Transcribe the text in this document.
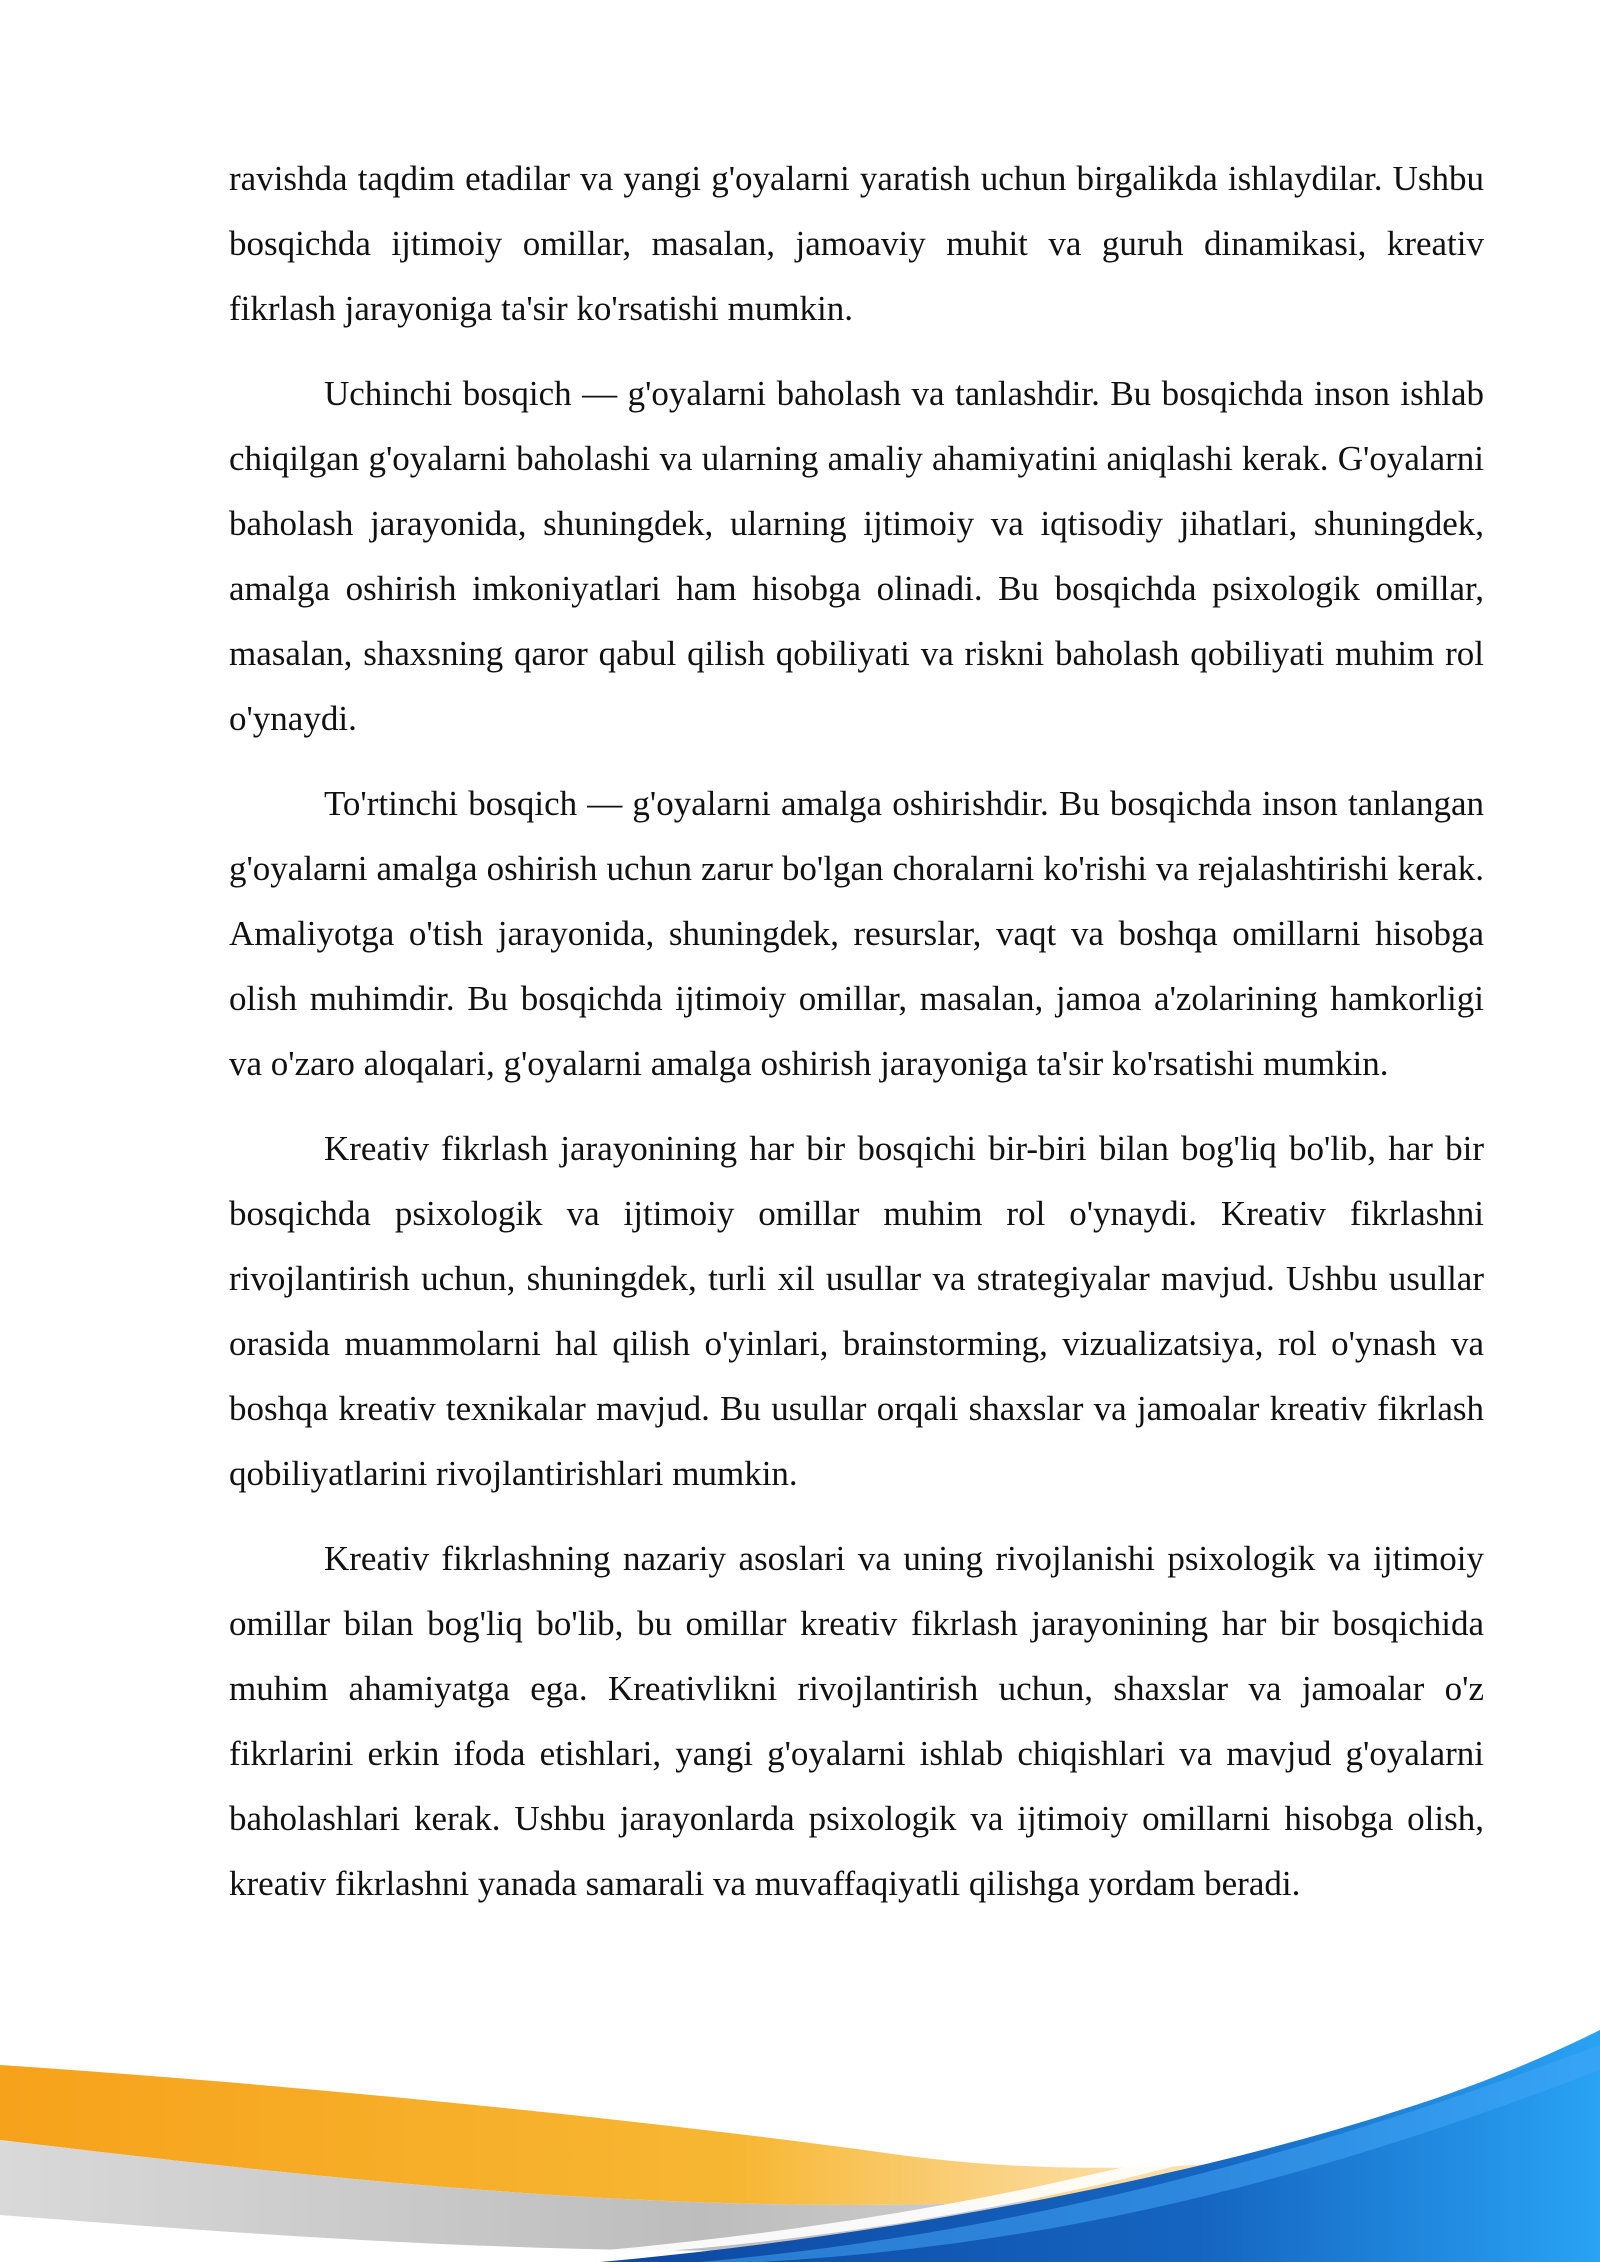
ravishda taqdim etadilar va yangi g'oyalarni yaratish uchun birgalikda ishlaydilar. Ushbu bosqichda ijtimoiy omillar, masalan, jamoaviy muhit va guruh dinamikasi, kreativ fikrlash jarayoniga ta'sir ko'rsatishi mumkin.

Uchinchi bosqich — g'oyalarni baholash va tanlashdir. Bu bosqichda inson ishlab chiqilgan g'oyalarni baholashi va ularning amaliy ahamiyatini aniqlashi kerak. G'oyalarni baholash jarayonida, shuningdek, ularning ijtimoiy va iqtisodiy jihatlari, shuningdek, amalga oshirish imkoniyatlari ham hisobga olinadi. Bu bosqichda psixologik omillar, masalan, shaxsning qaror qabul qilish qobiliyati va riskni baholash qobiliyati muhim rol o'ynaydi.

To'rtinchi bosqich — g'oyalarni amalga oshirishdir. Bu bosqichda inson tanlangan g'oyalarni amalga oshirish uchun zarur bo'lgan choralarni ko'rishi va rejalashtirishi kerak. Amaliyotga o'tish jarayonida, shuningdek, resurslar, vaqt va boshqa omillarni hisobga olish muhimdir. Bu bosqichda ijtimoiy omillar, masalan, jamoa a'zolarining hamkorligi va o'zaro aloqalari, g'oyalarni amalga oshirish jarayoniga ta'sir ko'rsatishi mumkin.

Kreativ fikrlash jarayonining har bir bosqichi bir-biri bilan bog'liq bo'lib, har bir bosqichda psixologik va ijtimoiy omillar muhim rol o'ynaydi. Kreativ fikrlashni rivojlantirish uchun, shuningdek, turli xil usullar va strategiyalar mavjud. Ushbu usullar orasida muammolarni hal qilish o'yinlari, brainstorming, vizualizatsiya, rol o'ynash va boshqa kreativ texnikalar mavjud. Bu usullar orqali shaxslar va jamoalar kreativ fikrlash qobiliyatlarini rivojlantirishlari mumkin.

Kreativ fikrlashning nazariy asoslari va uning rivojlanishi psixologik va ijtimoiy omillar bilan bog'liq bo'lib, bu omillar kreativ fikrlash jarayonining har bir bosqichida muhim ahamiyatga ega. Kreativlikni rivojlantirish uchun, shaxslar va jamoalar o'z fikrlarini erkin ifoda etishlari, yangi g'oyalarni ishlab chiqishlari va mavjud g'oyalarni baholashlari kerak. Ushbu jarayonlarda psixologik va ijtimoiy omillarni hisobga olish, kreativ fikrlashni yanada samarali va muvaffaqiyatli qilishga yordam beradi.
